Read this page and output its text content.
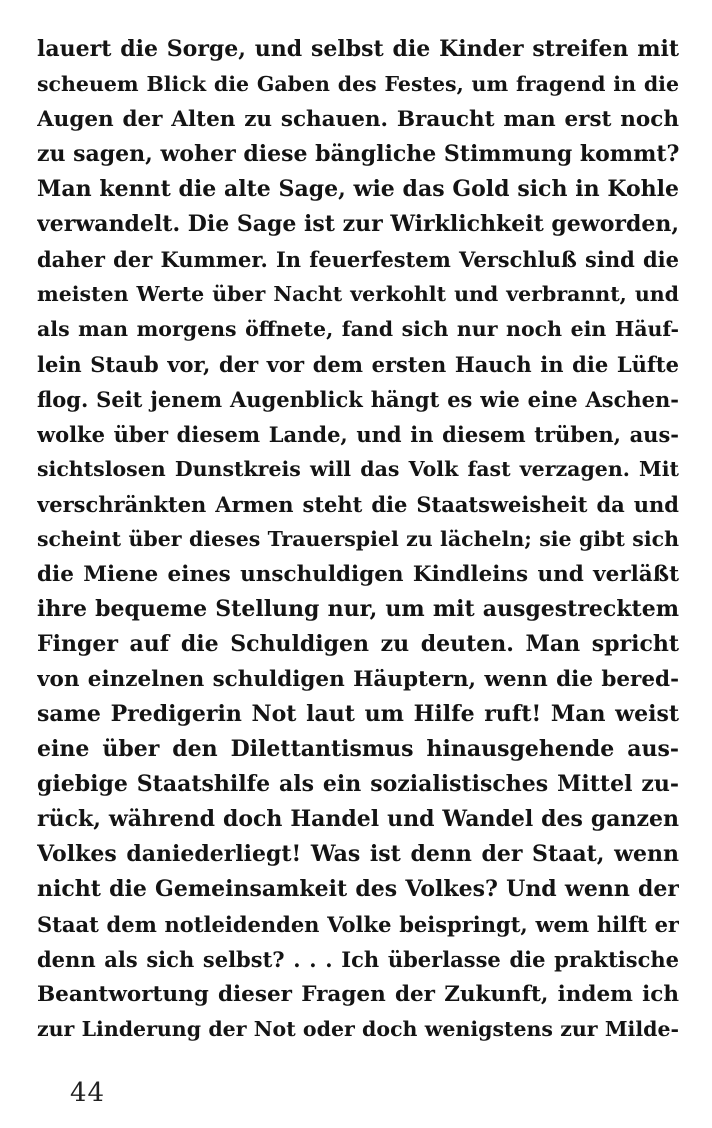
lauert die Sorge, und selbst die Kinder streifen mit
scheuem Blick die Gaben des Festes, um fragend in die
Augen der Alten zu schauen. Braucht man erst noch
zu sagen, woher diese bängliche Stimmung kommt?
Man kennt die alte Sage, wie das Gold sich in Kohle
verwandelt. Die Sage ist zur Wirklichkeit geworden,
daher der Kummer. In feuerfestem Verschluß sind die
meisten Werte über Nacht verkohlt und verbrannt, und
als man morgens öffnete, fand sich nur noch ein Häuf-
lein Staub vor, der vor dem ersten Hauch in die Lüfte
flog. Seit jenem Augenblick hängt es wie eine Aschen-
wolke über diesem Lande, und in diesem trüben, aus-
sichtslosen Dunstkreis will das Volk fast verzagen. Mit
verschränkten Armen steht die Staatsweisheit da und
scheint über dieses Trauerspiel zu lächeln; sie gibt sich
die Miene eines unschuldigen Kindleins und verläßt
ihre bequeme Stellung nur, um mit ausgestrecktem
Finger auf die Schuldigen zu deuten. Man spricht
von einzelnen schuldigen Häuptern, wenn die bered-
same Predigerin Not laut um Hilfe ruft! Man weist
eine über den Dilettantismus hinausgehende aus-
giebige Staatshilfe als ein sozialistisches Mittel zu-
rück, während doch Handel und Wandel des ganzen
Volkes daniederliegt! Was ist denn der Staat, wenn
nicht die Gemeinsamkeit des Volkes? Und wenn der
Staat dem notleidenden Volke beispringt, wem hilft er
denn als sich selbst? . . . Ich überlasse die praktische
Beantwortung dieser Fragen der Zukunft, indem ich
zur Linderung der Not oder doch wenigstens zur Milde-
44
